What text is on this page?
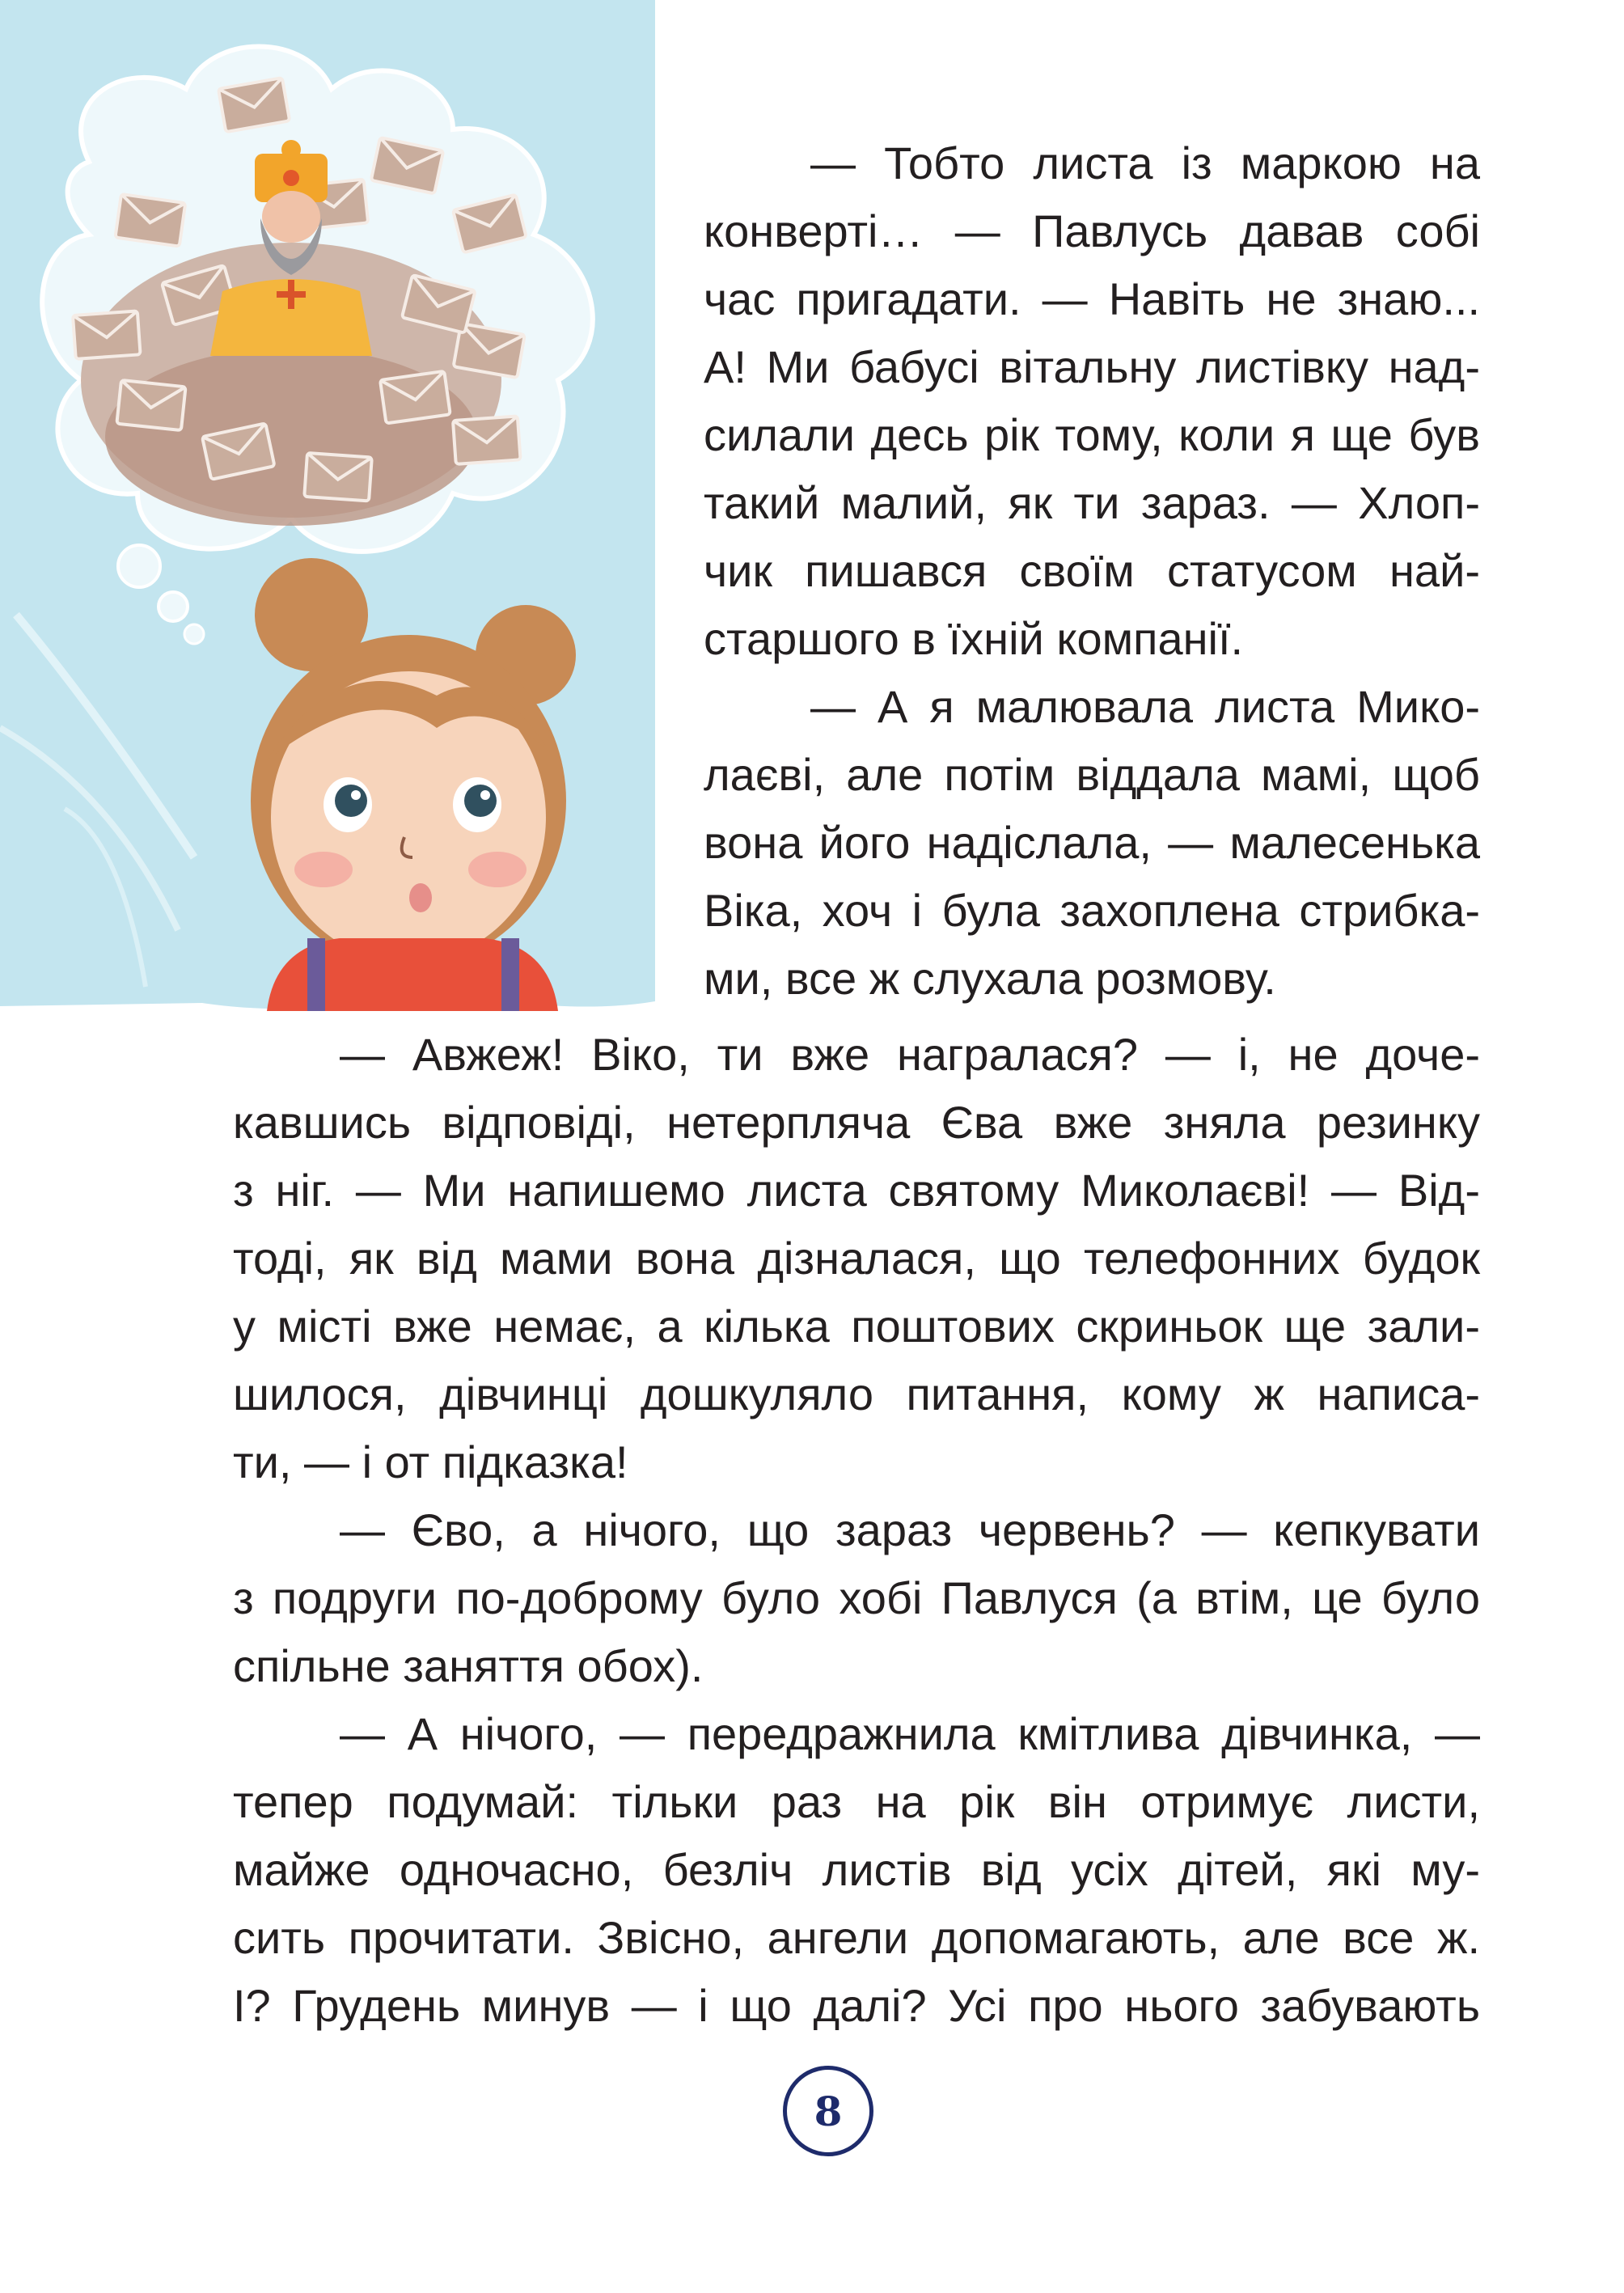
— Тобто листа із маркою на
конверті… — Павлусь давав собі
час пригадати. — Навіть не знаю...
А! Ми бабусі вітальну листівку над-
силали десь рік тому, коли я ще був
такий малий, як ти зараз. — Хлоп-
чик пишався своїм статусом най-
старшого в їхній компанії.

— А я малювала листа Мико-
лаєві, але потім віддала мамі, щоб
вона його надіслала, — малесенька
Віка, хоч і була захоплена стрибка-
ми, все ж слухала розмову.

— Авжеж! Віко, ти вже награлася? — і, не доче-
кавшись відповіді, нетерпляча Єва вже зняла резинку
з ніг. — Ми напишемо листа святому Миколаєві! — Від-
тоді, як від мами вона дізналася, що телефонних будок
у місті вже немає, а кілька поштових скриньок ще зали-
шилося, дівчинці дошкуляло питання, кому ж написа-
ти, — і от підказка!

— Єво, а нічого, що зараз червень? — кепкувати
з подруги по-доброму було хобі Павлуся (а втім, це було
спільне заняття обох).

— А нічого, — передражнила кмітлива дівчинка, —
тепер подумай: тільки раз на рік він отримує листи,
майже одночасно, безліч листів від усіх дітей, які му-
сить прочитати. Звісно, ангели допомагають, але все ж.
І? Грудень минув — і що далі? Усі про нього забувають

8
